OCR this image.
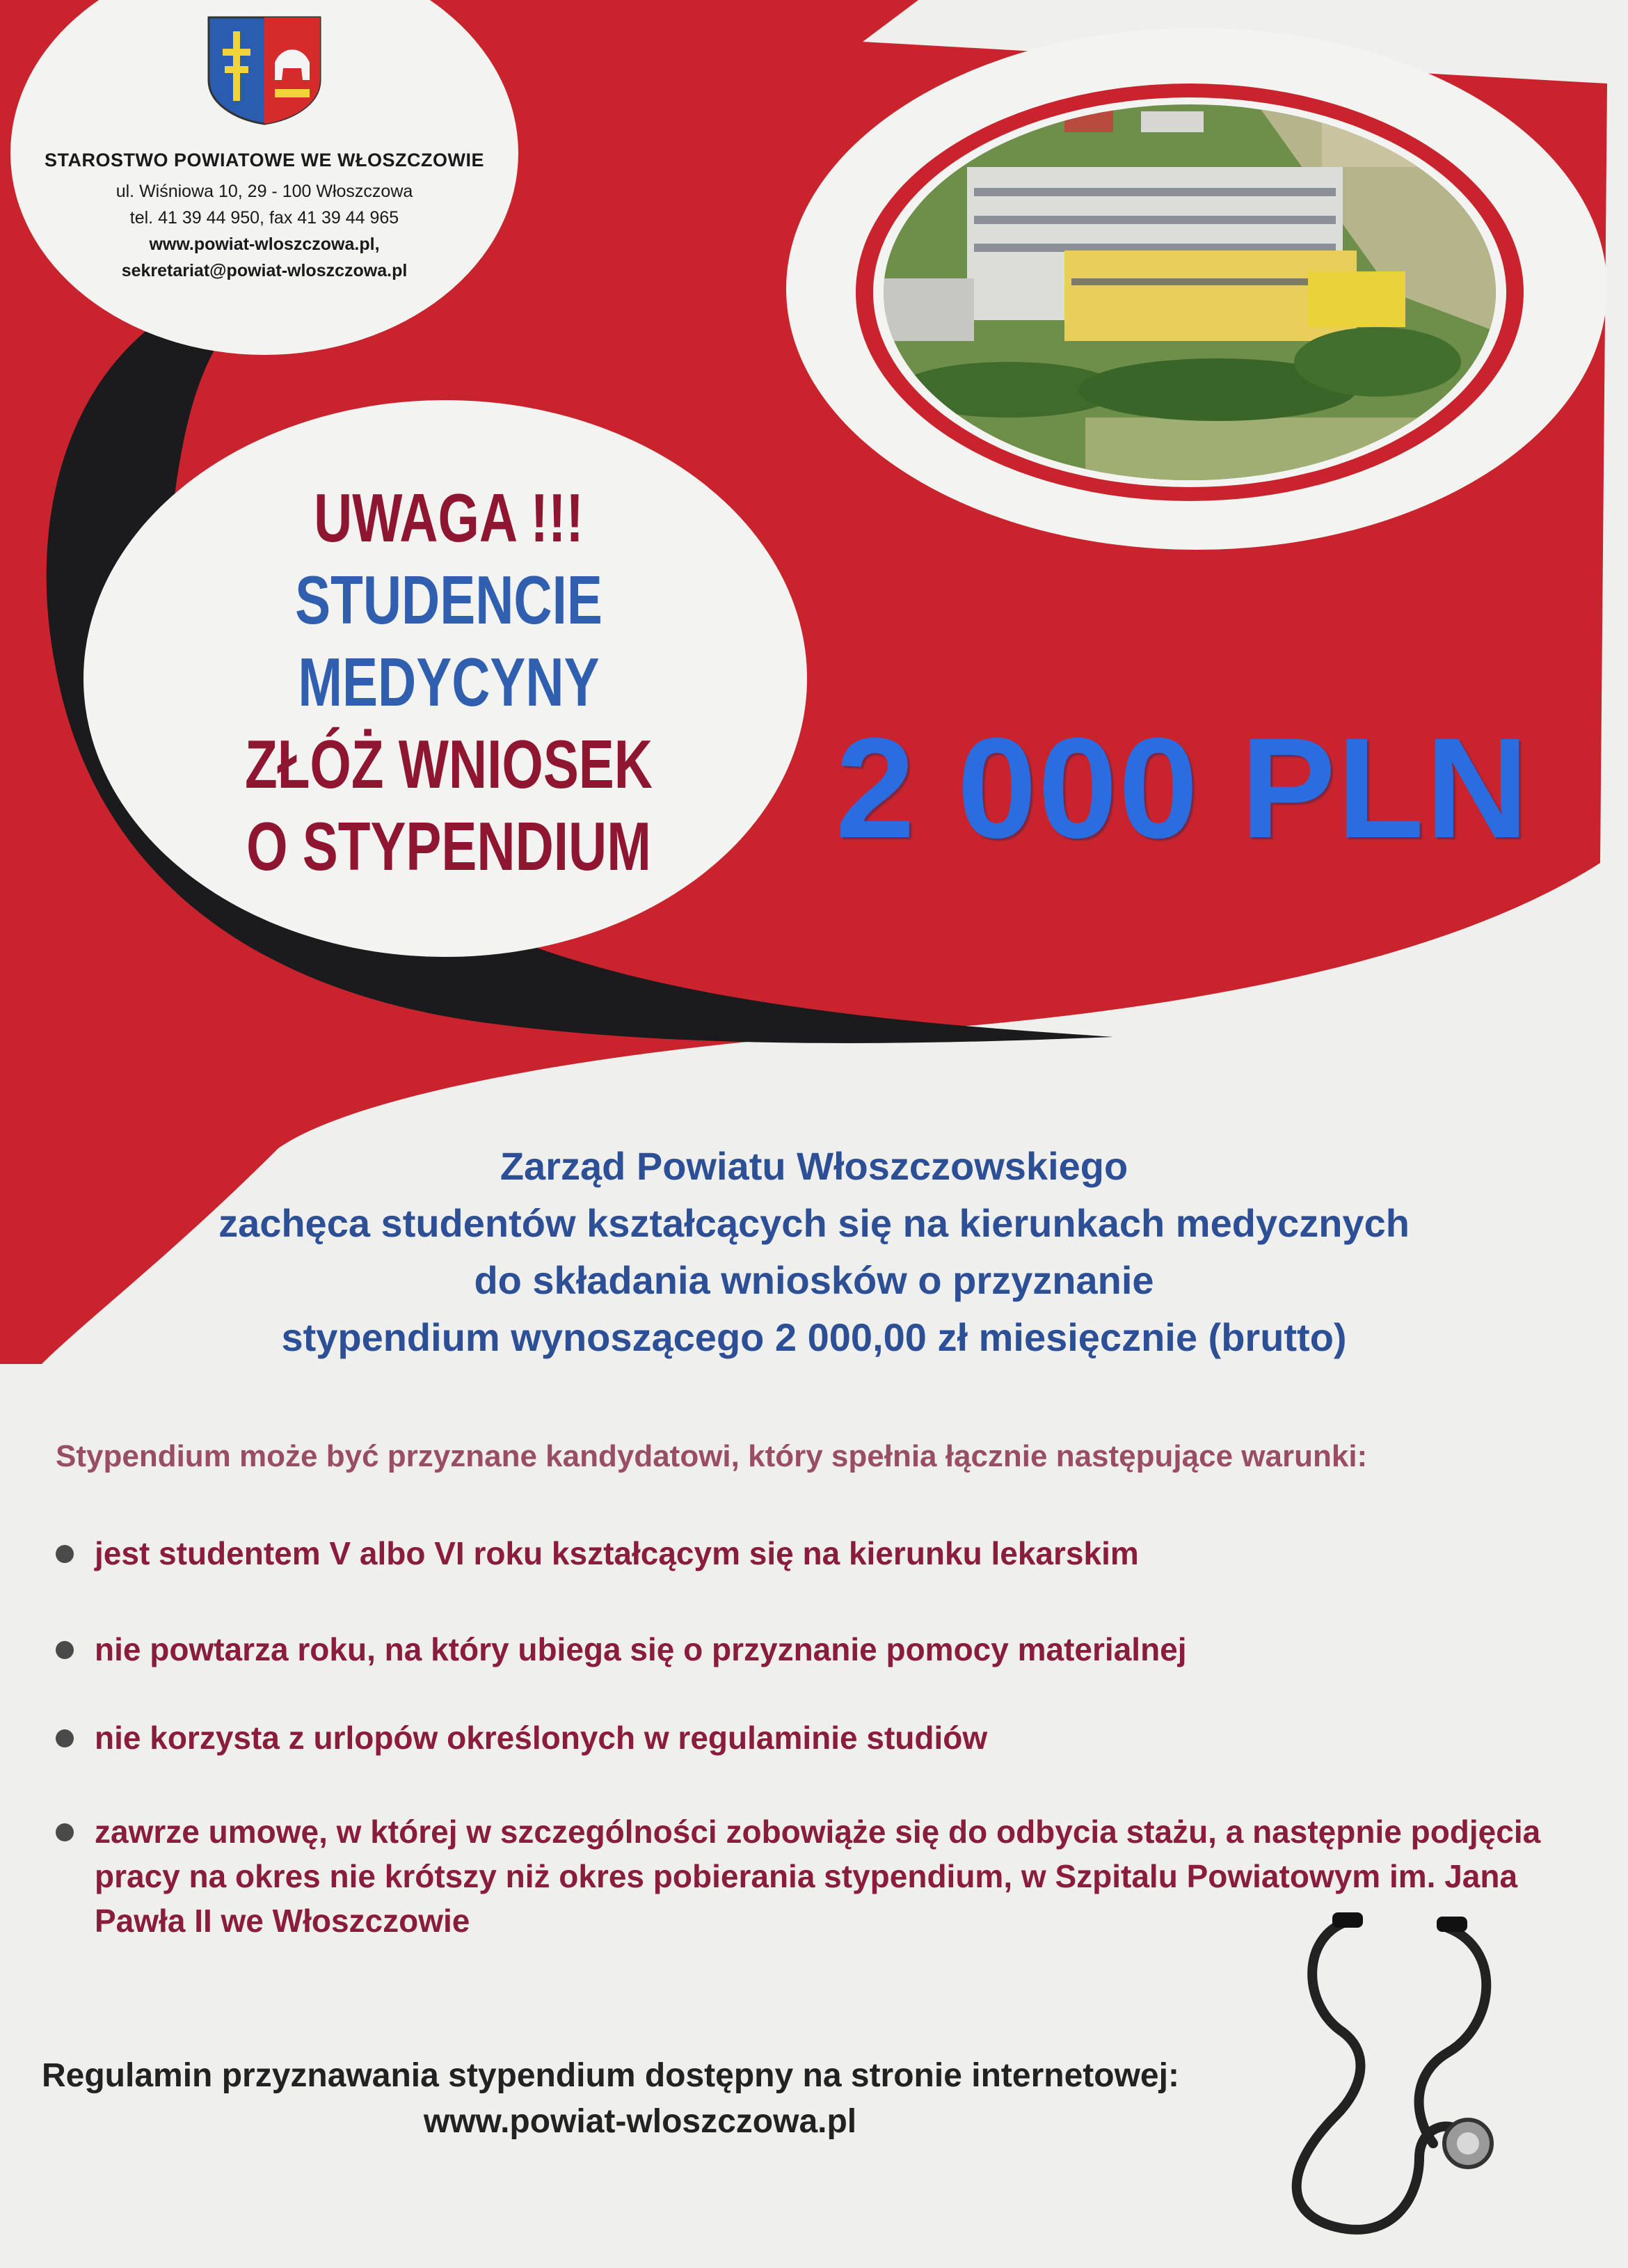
STAROSTWO POWIATOWE WE WŁOSZCZOWIE
ul. Wiśniowa 10, 29 - 100 Włoszczowa
tel. 41 39 44 950, fax 41 39 44 965
www.powiat-wloszczowa.pl,
sekretariat@powiat-wloszczowa.pl
UWAGA !!!
STUDENCIE MEDYCYNY
ZŁÓŻ WNIOSEK
O STYPENDIUM	2 000 PLN
Zarząd Powiatu Włoszczowskiego
zachęca studentów kształcących się na kierunkach medycznych
do składania wniosków o przyznanie
stypendium wynoszącego 2 000,00 zł miesięcznie (brutto)
Stypendium może być przyznane kandydatowi, który spełnia łącznie następujące warunki:
jest studentem V albo VI roku kształcącym się na kierunku lekarskim
nie powtarza roku, na który ubiega się o przyznanie pomocy materialnej
nie korzysta z urlopów określonych w regulaminie studiów
zawrze umowę, w której w szczególności zobowiąże się do odbycia stażu, a następnie podjęcia pracy na okres nie krótszy niż okres pobierania stypendium, w Szpitalu Powiatowym im. Jana Pawła II we Włoszczowie
Regulamin przyznawania stypendium dostępny na stronie internetowej:
www.powiat-wloszczowa.pl
